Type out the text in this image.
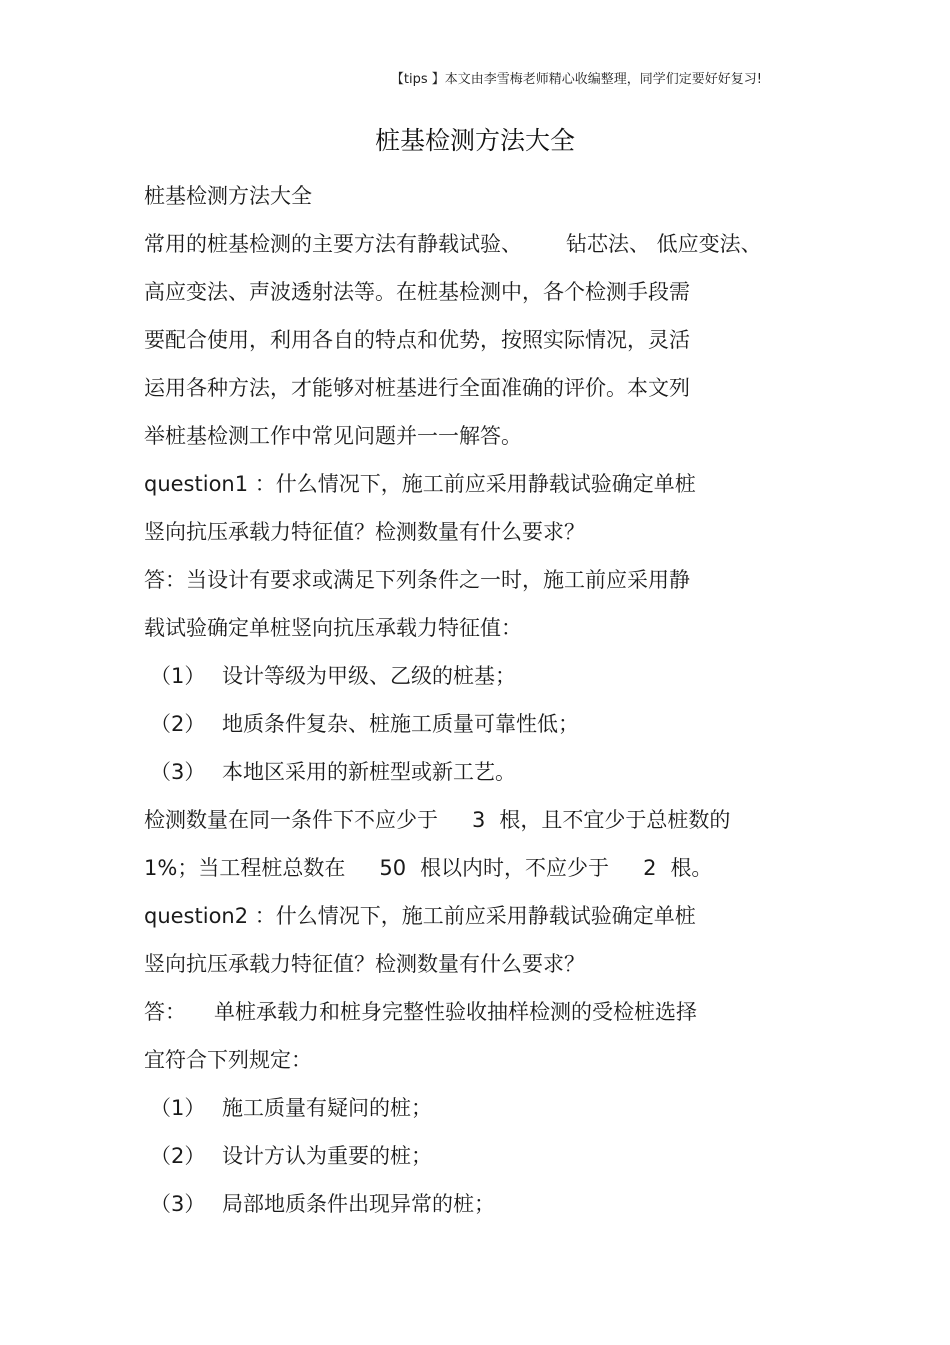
【tips 】本文由李雪梅老师精心收编整理，同学们定要好好复习!
桩基检测方法大全
桩基检测方法大全
常用的桩基检测的主要方法有静载试验、 钻芯法、 低应变法、
高应变法、声波透射法等。在桩基检测中，各个检测手段需
要配合使用，利用各自的特点和优势，按照实际情况，灵活
运用各种方法，才能够对桩基进行全面准确的评价。本文列
举桩基检测工作中常见问题并一一解答。
question1 ：什么情况下，施工前应采用静载试验确定单桩
竖向抗压承载力特征值？检测数量有什么要求？
答：当设计有要求或满足下列条件之一时，施工前应采用静
载试验确定单桩竖向抗压承载力特征值：
（1） 设计等级为甲级、乙级的桩基；
（2） 地质条件复杂、桩施工质量可靠性低；
（3） 本地区采用的新桩型或新工艺。
检测数量在同一条件下不应少于 3 根，且不宜少于总桩数的
1%；当工程桩总数在 50 根以内时，不应少于 2 根。
question2 ：什么情况下，施工前应采用静载试验确定单桩
竖向抗压承载力特征值？检测数量有什么要求？
答： 单桩承载力和桩身完整性验收抽样检测的受检桩选择
宜符合下列规定：
（1） 施工质量有疑问的桩；
（2） 设计方认为重要的桩；
（3） 局部地质条件出现异常的桩；
